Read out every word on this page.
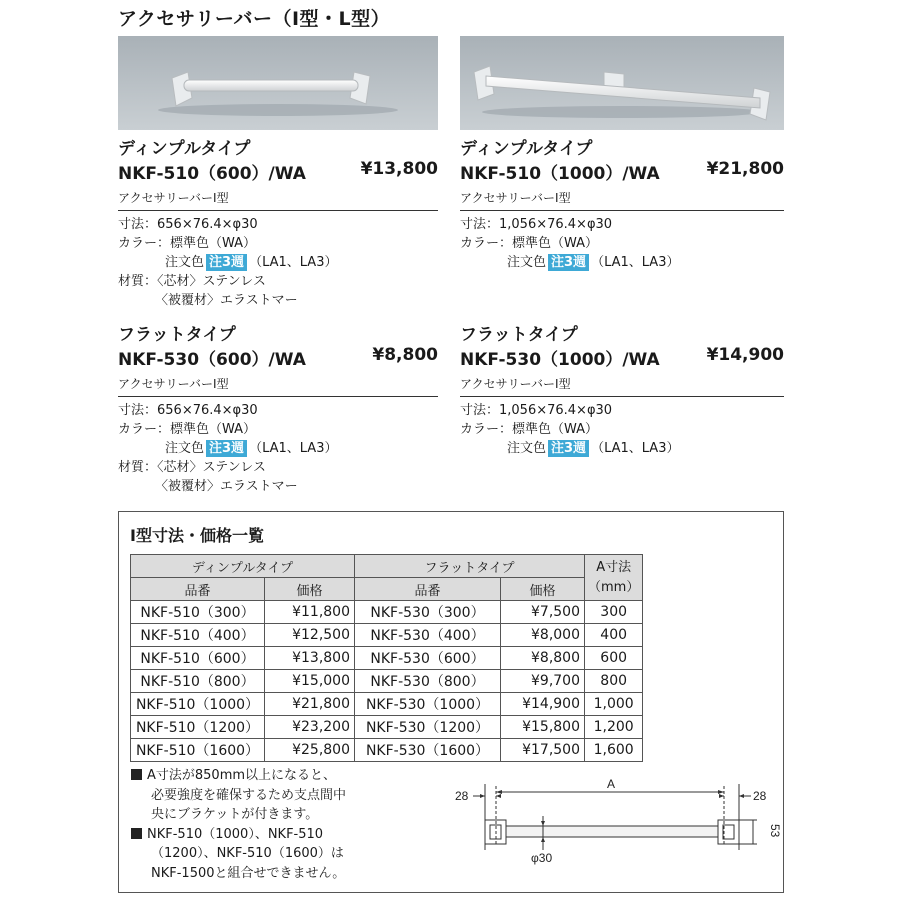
アクセサリーバー（I型・L型）
ディンプルタイプ
NKF-510（600）/WA	¥13,800
アクセサリーバーI型
寸法：656×76.4×φ30
カラー：標準色（WA）
注文色 注3週 （LA1、LA3）
材質：〈芯材〉ステンレス
〈被覆材〉エラストマー
ディンプルタイプ
NKF-510（1000）/WA	¥21,800
アクセサリーバーI型
寸法：1,056×76.4×φ30
カラー：標準色（WA）
注文色 注3週 （LA1、LA3）
フラットタイプ
NKF-530（600）/WA	¥8,800
アクセサリーバーI型
寸法：656×76.4×φ30
カラー：標準色（WA）
注文色 注3週 （LA1、LA3）
材質：〈芯材〉ステンレス
〈被覆材〉エラストマー
フラットタイプ
NKF-530（1000）/WA	¥14,900
アクセサリーバーI型
寸法：1,056×76.4×φ30
カラー：標準色（WA）
注文色 注3週 （LA1、LA3）
I型寸法・価格一覧
ディンプルタイプ		フラットタイプ		A寸法
（mm）

品番	価格	品番	価格	
NKF-510（300）	¥11,800	NKF-530（300）	¥7,500	300
NKF-510（400）	¥12,500	NKF-530（400）	¥8,000	400
NKF-510（600）	¥13,800	NKF-530（600）	¥8,800	600
NKF-510（800）	¥15,000	NKF-530（800）	¥9,700	800
NKF-510（1000）	¥21,800	NKF-530（1000）	¥14,900	1,000
NKF-510（1200）	¥23,200	NKF-530（1200）	¥15,800	1,200
NKF-510（1600）	¥25,800	NKF-530（1600）	¥17,500	1,600
A寸法が850mm以上になると、
必要強度を確保するため支点間中
央にブラケットが付きます。
NKF-510（1000）、NKF-510
（1200）、NKF-510（1600）は
NKF-1500と組合せできません。
A
28	28
φ30
53
